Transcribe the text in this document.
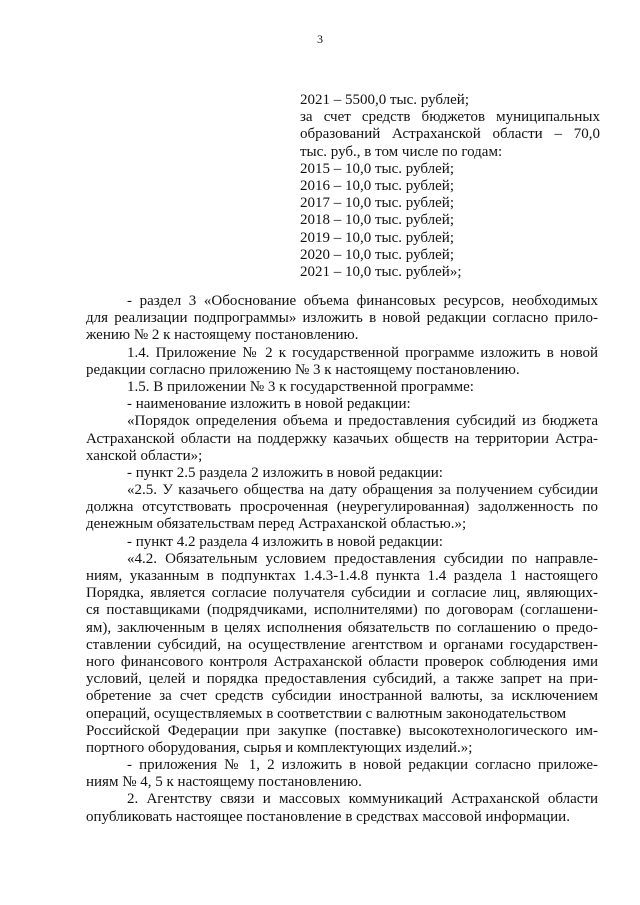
3
2021 – 5500,0 тыс. рублей;
за счет средств бюджетов муниципальных
образований Астраханской области – 70,0
тыс. руб., в том числе по годам:
2015 – 10,0 тыс. рублей;
2016 – 10,0 тыс. рублей;
2017 – 10,0 тыс. рублей;
2018 – 10,0 тыс. рублей;
2019 – 10,0 тыс. рублей;
2020 – 10,0 тыс. рублей;
2021 – 10,0 тыс. рублей»;
- раздел 3 «Обоснование объема финансовых ресурсов, необходимых
для реализации подпрограммы» изложить в новой редакции согласно прило-
жению № 2 к настоящему постановлению.
1.4. Приложение № 2 к государственной программе изложить в новой
редакции согласно приложению № 3 к настоящему постановлению.
1.5. В приложении № 3 к государственной программе:
- наименование изложить в новой редакции:
«Порядок определения объема и предоставления субсидий из бюджета
Астраханской области на поддержку казачьих обществ на территории Астра-
ханской области»;
- пункт 2.5 раздела 2 изложить в новой редакции:
«2.5. У казачьего общества на дату обращения за получением субсидии
должна отсутствовать просроченная (неурегулированная) задолженность по
денежным обязательствам перед Астраханской областью.»;
- пункт 4.2 раздела 4 изложить в новой редакции:
«4.2. Обязательным условием предоставления субсидии по направле-
ниям, указанным в подпунктах 1.4.3-1.4.8 пункта 1.4 раздела 1 настоящего
Порядка, является согласие получателя субсидии и согласие лиц, являющих-
ся поставщиками (подрядчиками, исполнителями) по договорам (соглашени-
ям), заключенным в целях исполнения обязательств по соглашению о предо-
ставлении субсидий, на осуществление агентством и органами государствен-
ного финансового контроля Астраханской области проверок соблюдения ими
условий, целей и порядка предоставления субсидий, а также запрет на при-
обретение за счет средств субсидии иностранной валюты, за исключением
операций, осуществляемых в соответствии с валютным законодательством
Российской Федерации при закупке (поставке) высокотехнологического им-
портного оборудования, сырья и комплектующих изделий.»;
- приложения № 1, 2 изложить в новой редакции согласно приложе-
ниям № 4, 5 к настоящему постановлению.
2. Агентству связи и массовых коммуникаций Астраханской области
опубликовать настоящее постановление в средствах массовой информации.
